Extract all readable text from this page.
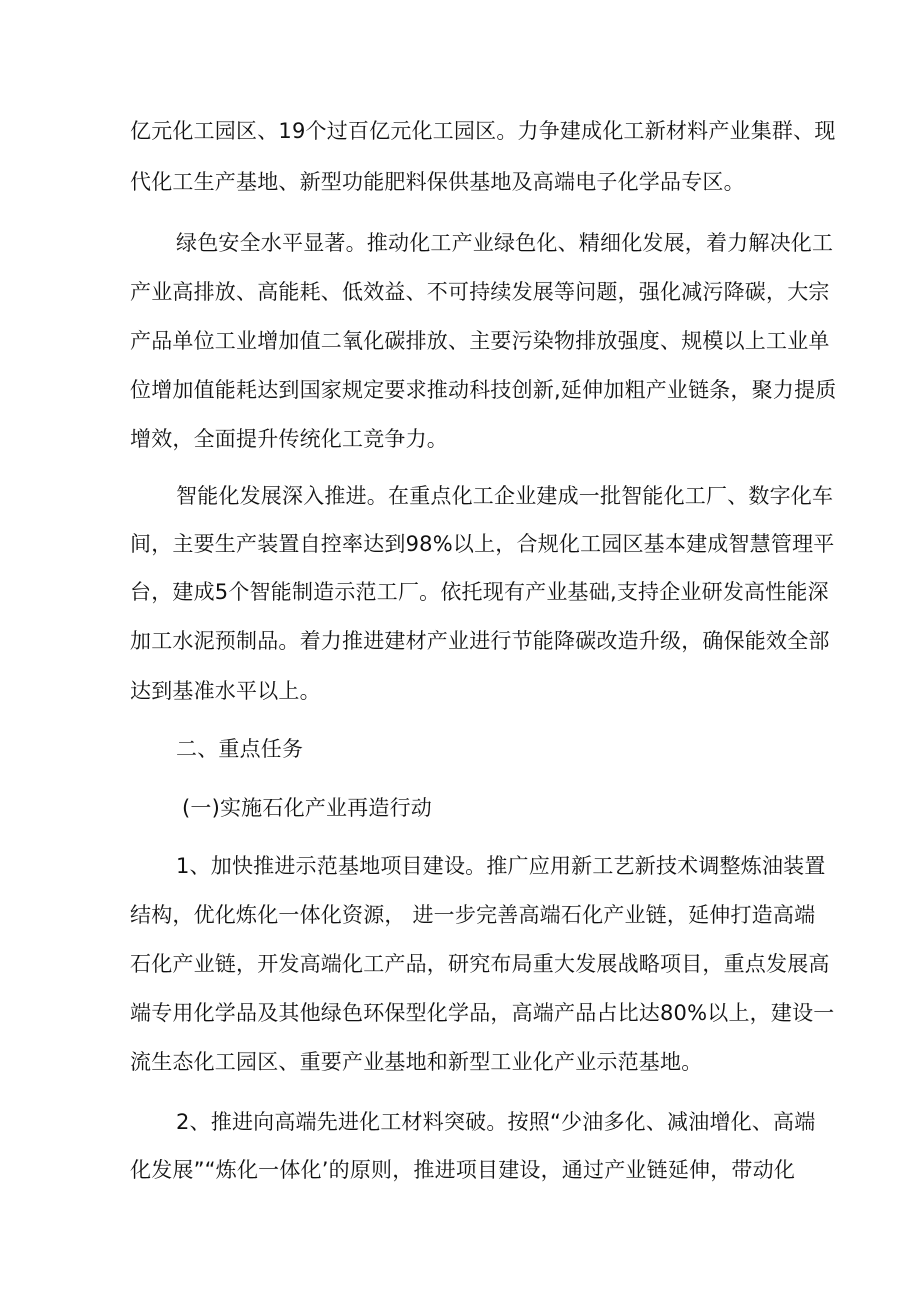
亿元化工园区、19个过百亿元化工园区。力争建成化工新材料产业集群、现
代化工生产基地、新型功能肥料保供基地及高端电子化学品专区。
绿色安全水平显著。推动化工产业绿色化、精细化发展，着力解决化工
产业高排放、高能耗、低效益、不可持续发展等问题，强化减污降碳，大宗
产品单位工业增加值二氧化碳排放、主要污染物排放强度、规模以上工业单
位增加值能耗达到国家规定要求推动科技创新,延伸加粗产业链条，聚力提质
增效，全面提升传统化工竞争力。
智能化发展深入推进。在重点化工企业建成一批智能化工厂、数字化车
间，主要生产装置自控率达到98%以上，合规化工园区基本建成智慧管理平
台，建成5个智能制造示范工厂。依托现有产业基础,支持企业研发高性能深
加工水泥预制品。着力推进建材产业进行节能降碳改造升级，确保能效全部
达到基准水平以上。
二、重点任务
(一)实施石化产业再造行动
1、加快推进示范基地项目建设。推广应用新工艺新技术调整炼油装置
结构，优化炼化一体化资源， 进一步完善高端石化产业链，延伸打造高端
石化产业链，开发高端化工产品，研究布局重大发展战略项目，重点发展高
端专用化学品及其他绿色环保型化学品，高端产品占比达80%以上，建设一
流生态化工园区、重要产业基地和新型工业化产业示范基地。
2、推进向高端先进化工材料突破。按照“少油多化、减油增化、高端
化发展”“炼化一体化’的原则，推进项目建设，通过产业链延伸，带动化
